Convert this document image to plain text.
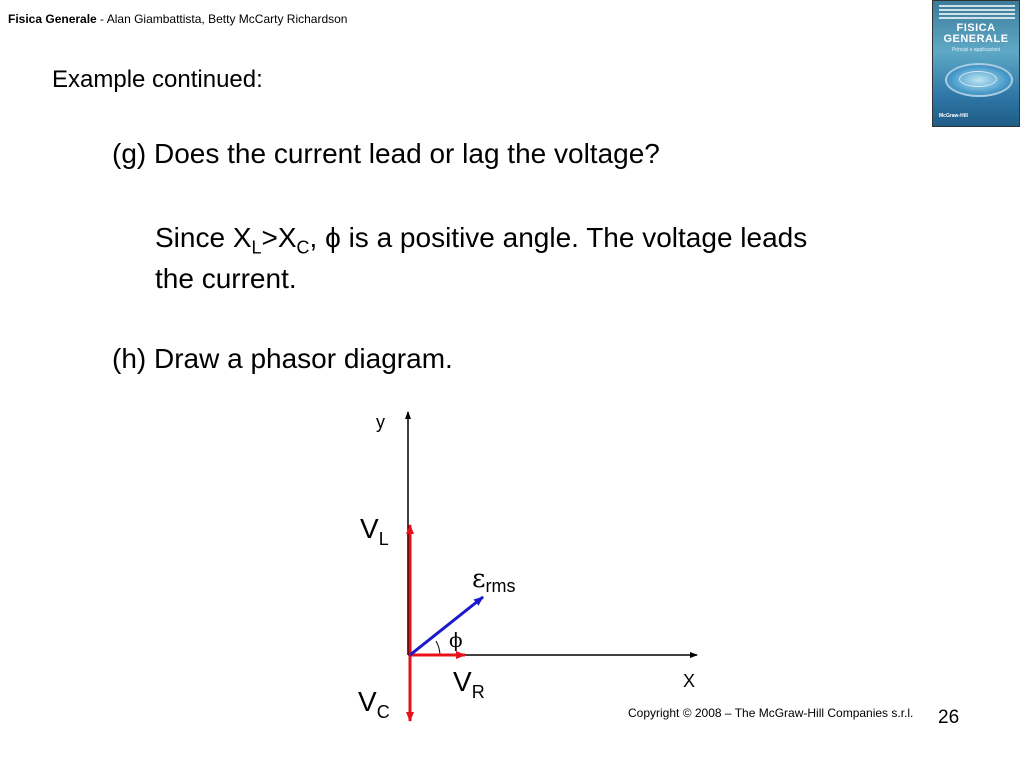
Fisica Generale - Alan Giambattista, Betty McCarty Richardson
FISICA GENERALE
Principi e applicazioni
McGraw-Hill
Example continued:
(g) Does the current lead or lag the voltage?
Since $X_L>X_C$, ϕ is a positive angle. The voltage leads
the current.
(h) Draw a phasor diagram.
y
X
$V_L$
$V_C$
$V_R$
εrms
ϕ
Copyright © 2008 – The McGraw-Hill Companies s.r.l. 26
